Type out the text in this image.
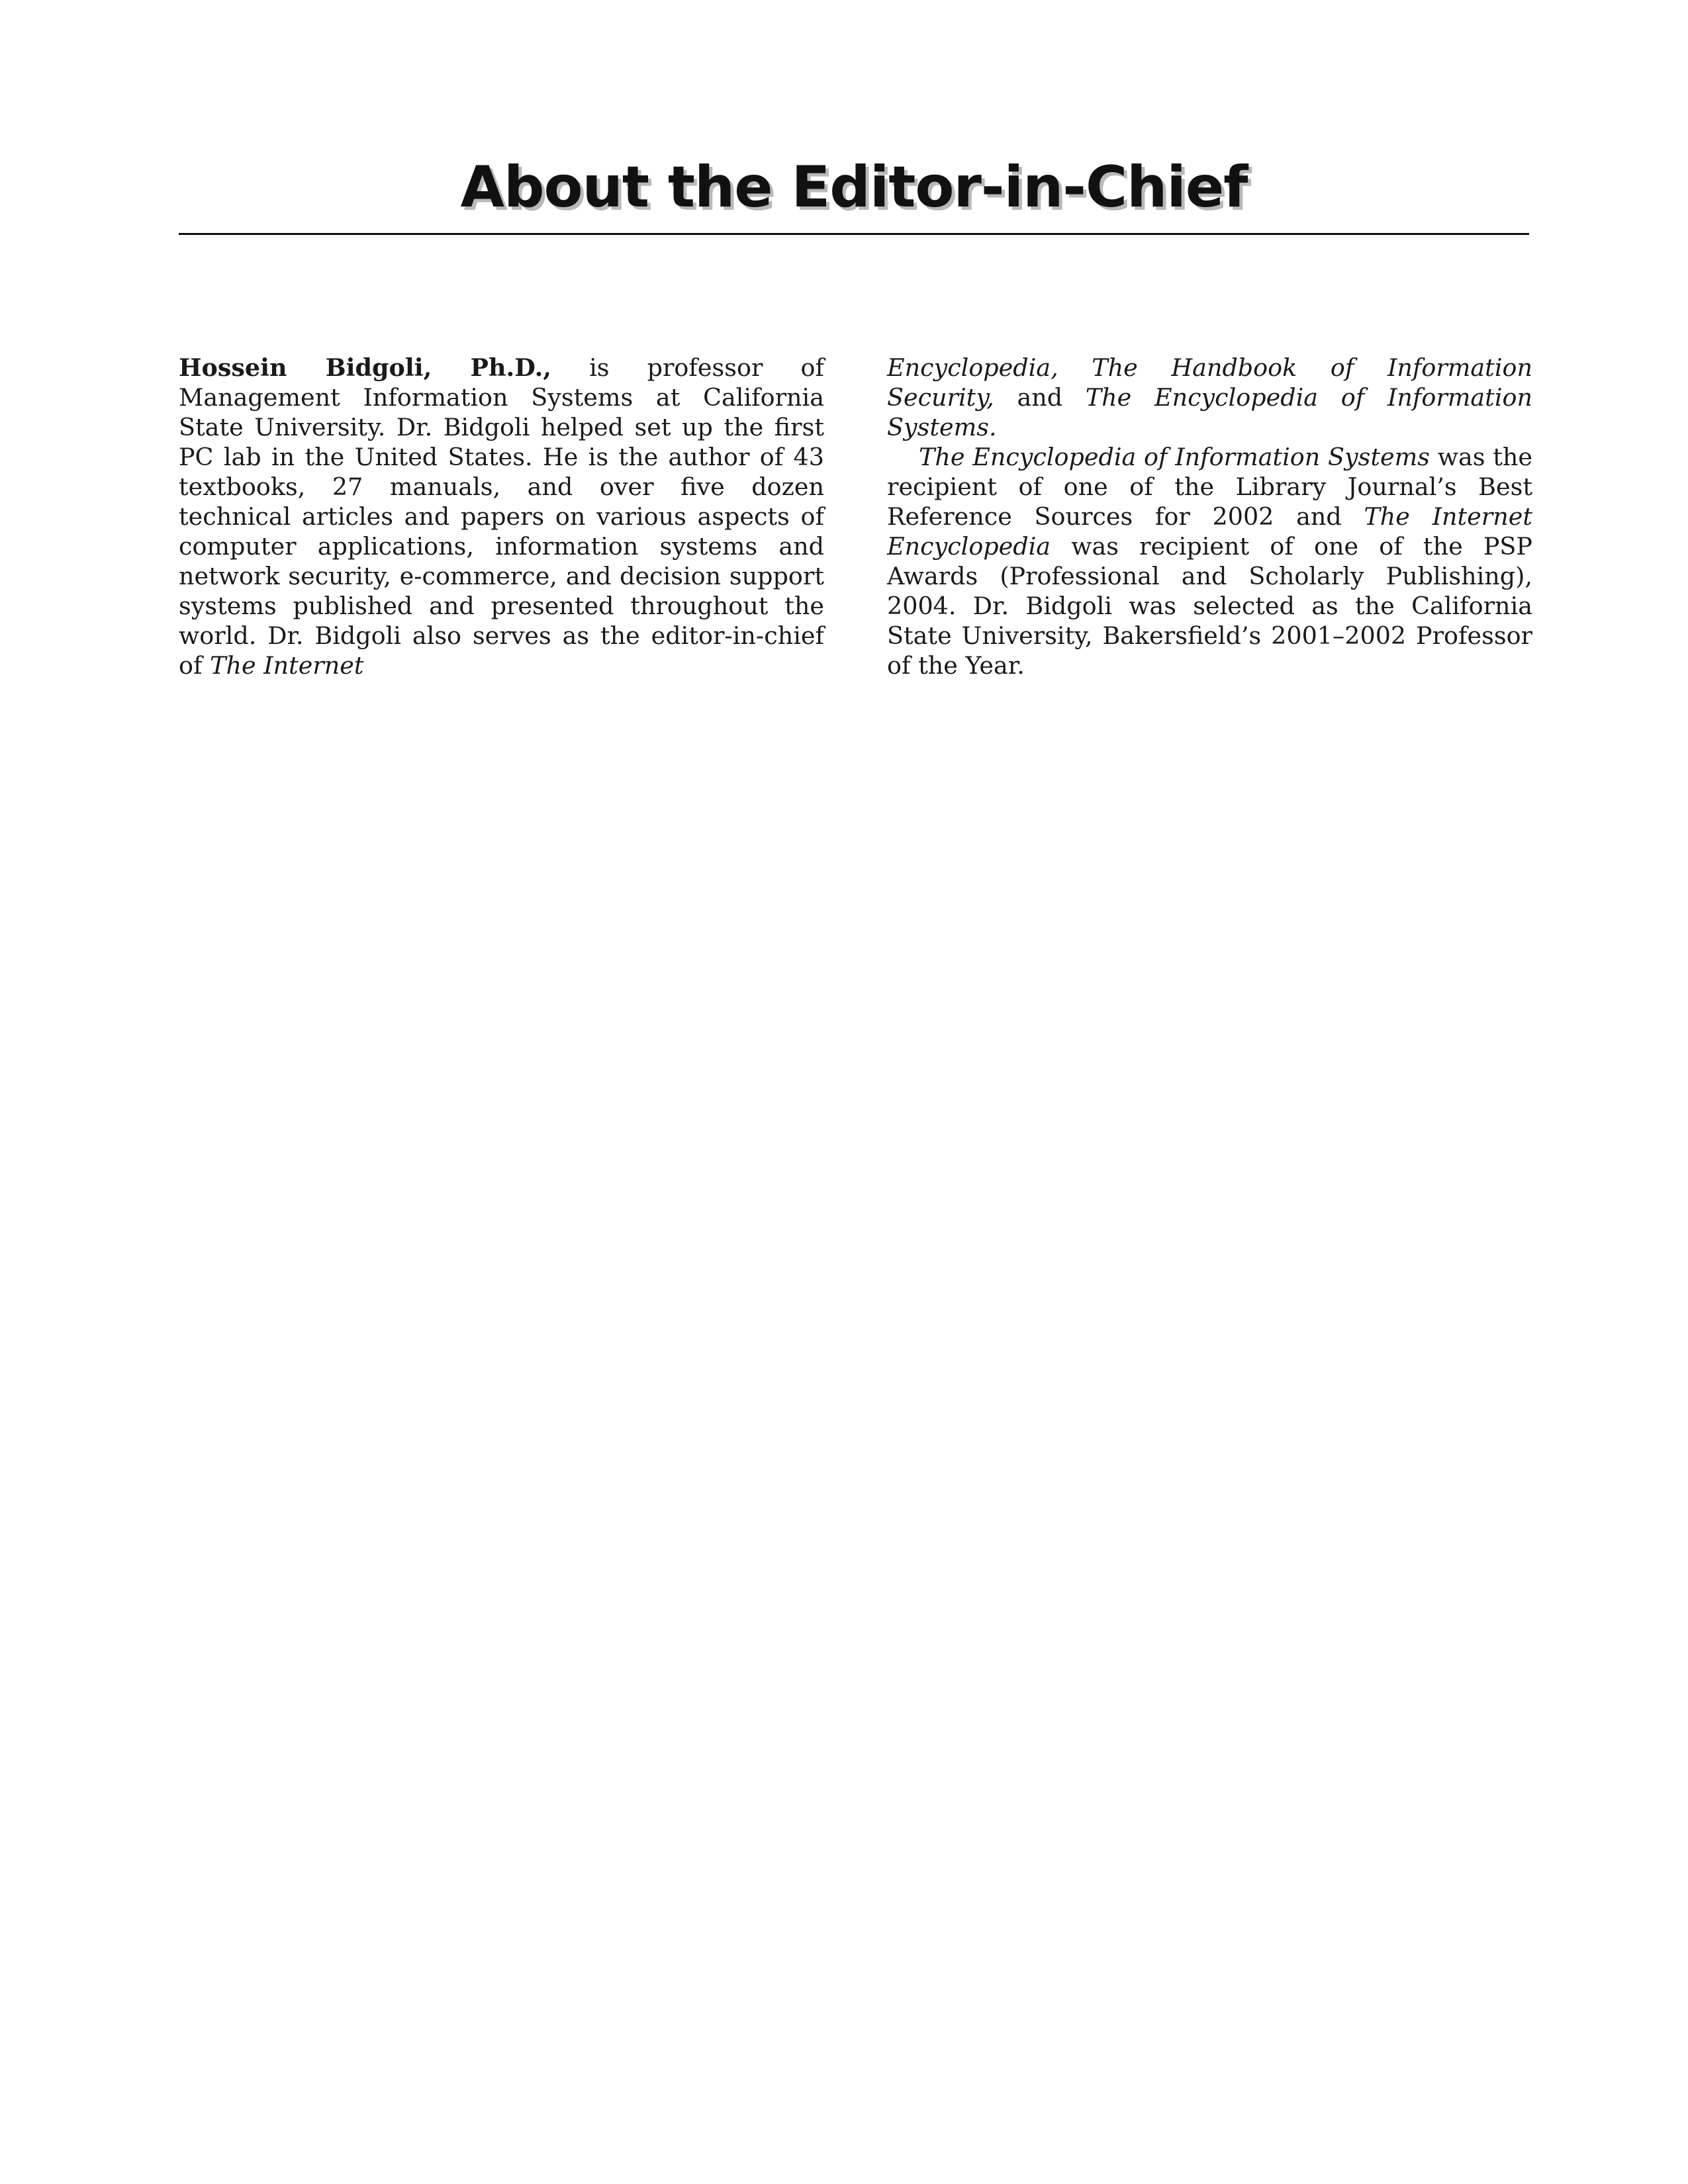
About the Editor-in-Chief

Hossein Bidgoli, Ph.D., is professor of Management Information Systems at California State University. Dr. Bidgoli helped set up the first PC lab in the United States. He is the author of 43 textbooks, 27 manuals, and over five dozen technical articles and papers on various aspects of computer applications, information systems and network security, e-commerce, and decision support systems published and presented throughout the world. Dr. Bidgoli also serves as the editor-in-chief of The Internet

Encyclopedia, The Handbook of Information Security, and The Encyclopedia of Information Systems.

The Encyclopedia of Information Systems was the recipient of one of the Library Journal’s Best Reference Sources for 2002 and The Internet Encyclopedia was recipient of one of the PSP Awards (Professional and Scholarly Publishing), 2004. Dr. Bidgoli was selected as the California State University, Bakersfield’s 2001–2002 Professor of the Year.
